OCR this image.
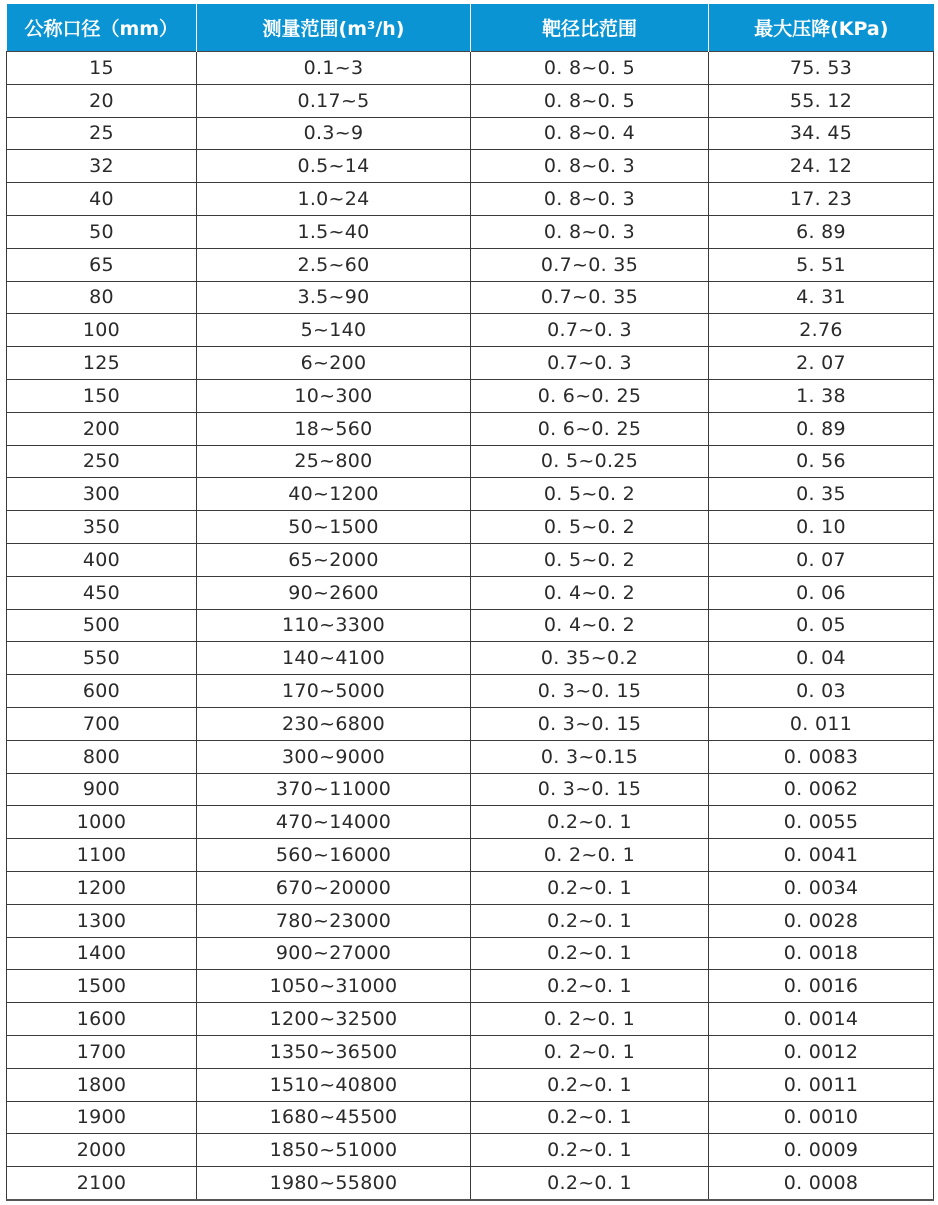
公称口径（mm）	测量范围(m³/h)	靶径比范围	最大压降(KPa)
15	0.1~3	0. 8~0. 5	75. 53
20	0.17~5	0. 8~0. 5	55. 12
25	0.3~9	0. 8~0. 4	34. 45
32	0.5~14	0. 8~0. 3	24. 12
40	1.0~24	0. 8~0. 3	17. 23
50	1.5~40	0. 8~0. 3	6. 89
65	2.5~60	0.7~0. 35	5. 51
80	3.5~90	0.7~0. 35	4. 31
100	5~140	0.7~0. 3	2.76
125	6~200	0.7~0. 3	2. 07
150	10~300	0. 6~0. 25	1. 38
200	18~560	0. 6~0. 25	0. 89
250	25~800	0. 5~0.25	0. 56
300	40~1200	0. 5~0. 2	0. 35
350	50~1500	0. 5~0. 2	0. 10
400	65~2000	0. 5~0. 2	0. 07
450	90~2600	0. 4~0. 2	0. 06
500	110~3300	0. 4~0. 2	0. 05
550	140~4100	0. 35~0.2	0. 04
600	170~5000	0. 3~0. 15	0. 03
700	230~6800	0. 3~0. 15	0. 011
800	300~9000	0. 3~0.15	0. 0083
900	370~11000	0. 3~0. 15	0. 0062
1000	470~14000	0.2~0. 1	0. 0055
1100	560~16000	0. 2~0. 1	0. 0041
1200	670~20000	0.2~0. 1	0. 0034
1300	780~23000	0.2~0. 1	0. 0028
1400	900~27000	0.2~0. 1	0. 0018
1500	1050~31000	0.2~0. 1	0. 0016
1600	1200~32500	0. 2~0. 1	0. 0014
1700	1350~36500	0. 2~0. 1	0. 0012
1800	1510~40800	0.2~0. 1	0. 0011
1900	1680~45500	0.2~0. 1	0. 0010
2000	1850~51000	0.2~0. 1	0. 0009
2100	1980~55800	0.2~0. 1	0. 0008
